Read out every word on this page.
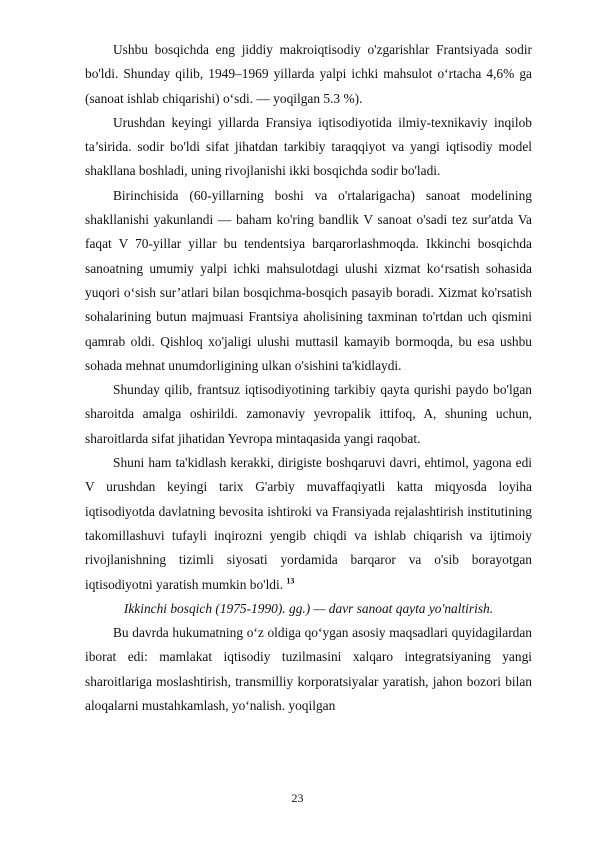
Ushbu bosqichda eng jiddiy makroiqtisodiy o'zgarishlar Frantsiyada sodir bo'ldi. Shunday qilib, 1949–1969 yillarda yalpi ichki mahsulot o‘rtacha 4,6% ga (sanoat ishlab chiqarishi) o‘sdi. — yoqilgan 5.3 %).

Urushdan keyingi yillarda Fransiya iqtisodiyotida ilmiy-texnikaviy inqilob ta’sirida. sodir bo'ldi sifat jihatdan tarkibiy taraqqiyot va yangi iqtisodiy model shakllana boshladi, uning rivojlanishi ikki bosqichda sodir bo'ladi.

Birinchisida (60-yillarning boshi va o'rtalarigacha) sanoat modelining shakllanishi yakunlandi — baham ko'ring bandlik V sanoat o'sadi tez sur'atda Va faqat V 70-yillar yillar bu tendentsiya barqarorlashmoqda. Ikkinchi bosqichda sanoatning umumiy yalpi ichki mahsulotdagi ulushi xizmat ko‘rsatish sohasida yuqori o‘sish sur’atlari bilan bosqichma-bosqich pasayib boradi. Xizmat ko'rsatish sohalarining butun majmuasi Frantsiya aholisining taxminan to'rtdan uch qismini qamrab oldi. Qishloq xo'jaligi ulushi muttasil kamayib bormoqda, bu esa ushbu sohada mehnat unumdorligining ulkan o'sishini ta'kidlaydi.

Shunday qilib, frantsuz iqtisodiyotining tarkibiy qayta qurishi paydo bo'lgan sharoitda amalga oshirildi. zamonaviy yevropalik ittifoq, A, shuning uchun, sharoitlarda sifat jihatidan Yevropa mintaqasida yangi raqobat.

Shuni ham ta'kidlash kerakki, dirigiste boshqaruvi davri, ehtimol, yagona edi V urushdan keyingi tarix G'arbiy muvaffaqiyatli katta miqyosda loyiha iqtisodiyotda davlatning bevosita ishtiroki va Fransiyada rejalashtirish institutining takomillashuvi tufayli inqirozni yengib chiqdi va ishlab chiqarish va ijtimoiy rivojlanishning tizimli siyosati yordamida barqaror va o'sib borayotgan iqtisodiyotni yaratish mumkin bo'ldi. $^{13}$

Ikkinchi bosqich (1975-1990). gg.) — davr sanoat qayta yo'naltirish.

Bu davrda hukumatning o‘z oldiga qo‘ygan asosiy maqsadlari quyidagilardan iborat edi: mamlakat iqtisodiy tuzilmasini xalqaro integratsiyaning yangi sharoitlariga moslashtirish, transmilliy korporatsiyalar yaratish, jahon bozori bilan aloqalarni mustahkamlash, yo‘nalish. yoqilgan

23
